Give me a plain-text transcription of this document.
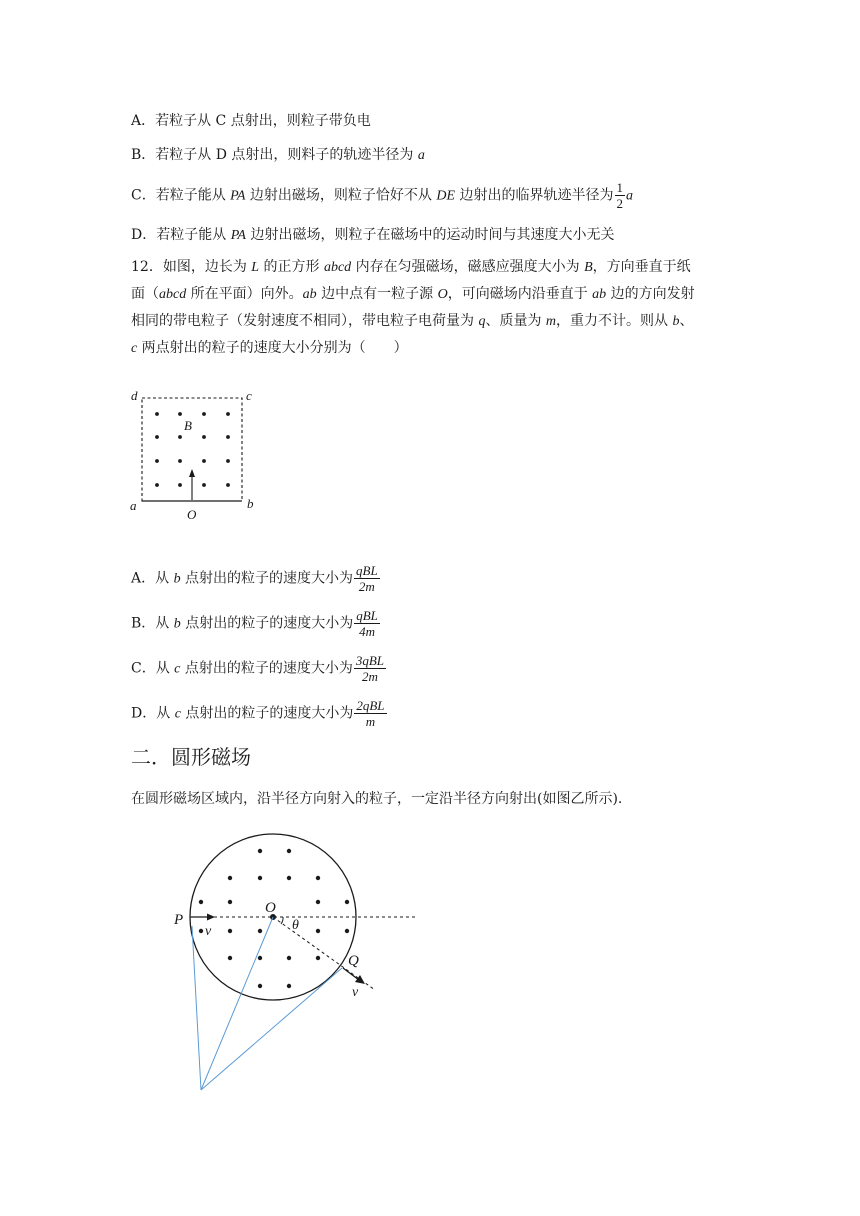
A．若粒子从 C 点射出，则粒子带负电
B．若粒子从 D 点射出，则料子的轨迹半径为 a
C．若粒子能从 PA 边射出磁场，则粒子恰好不从 DE 边射出的临界轨迹半径为 $\frac{1}{2}$ a
D．若粒子能从 PA 边射出磁场，则粒子在磁场中的运动时间与其速度大小无关
12．如图，边长为 L 的正方形 abcd 内存在匀强磁场，磁感应强度大小为 B，方向垂直于纸
面（abcd 所在平面）向外。ab 边中点有一粒子源 O，可向磁场内沿垂直于 ab 边的方向发射
相同的带电粒子（发射速度不相同），带电粒子电荷量为 q、质量为 m，重力不计。则从 b、
c 两点射出的粒子的速度大小分别为（　　）
d	c
a	b
B
O
A．从 b 点射出的粒子的速度大小为 $\frac{\text{qBL}}{2m}$
B．从 b 点射出的粒子的速度大小为 $\frac{\text{qBL}}{4m}$
C．从 c 点射出的粒子的速度大小为 $\frac{\text{3qBL}}{2m}$
D．从 c 点射出的粒子的速度大小为 $\frac{\text{2qBL}}{m}$
二．圆形磁场
在圆形磁场区域内，沿半径方向射入的粒子，一定沿半径方向射出(如图乙所示).
P
O
θ
v
Q
v
